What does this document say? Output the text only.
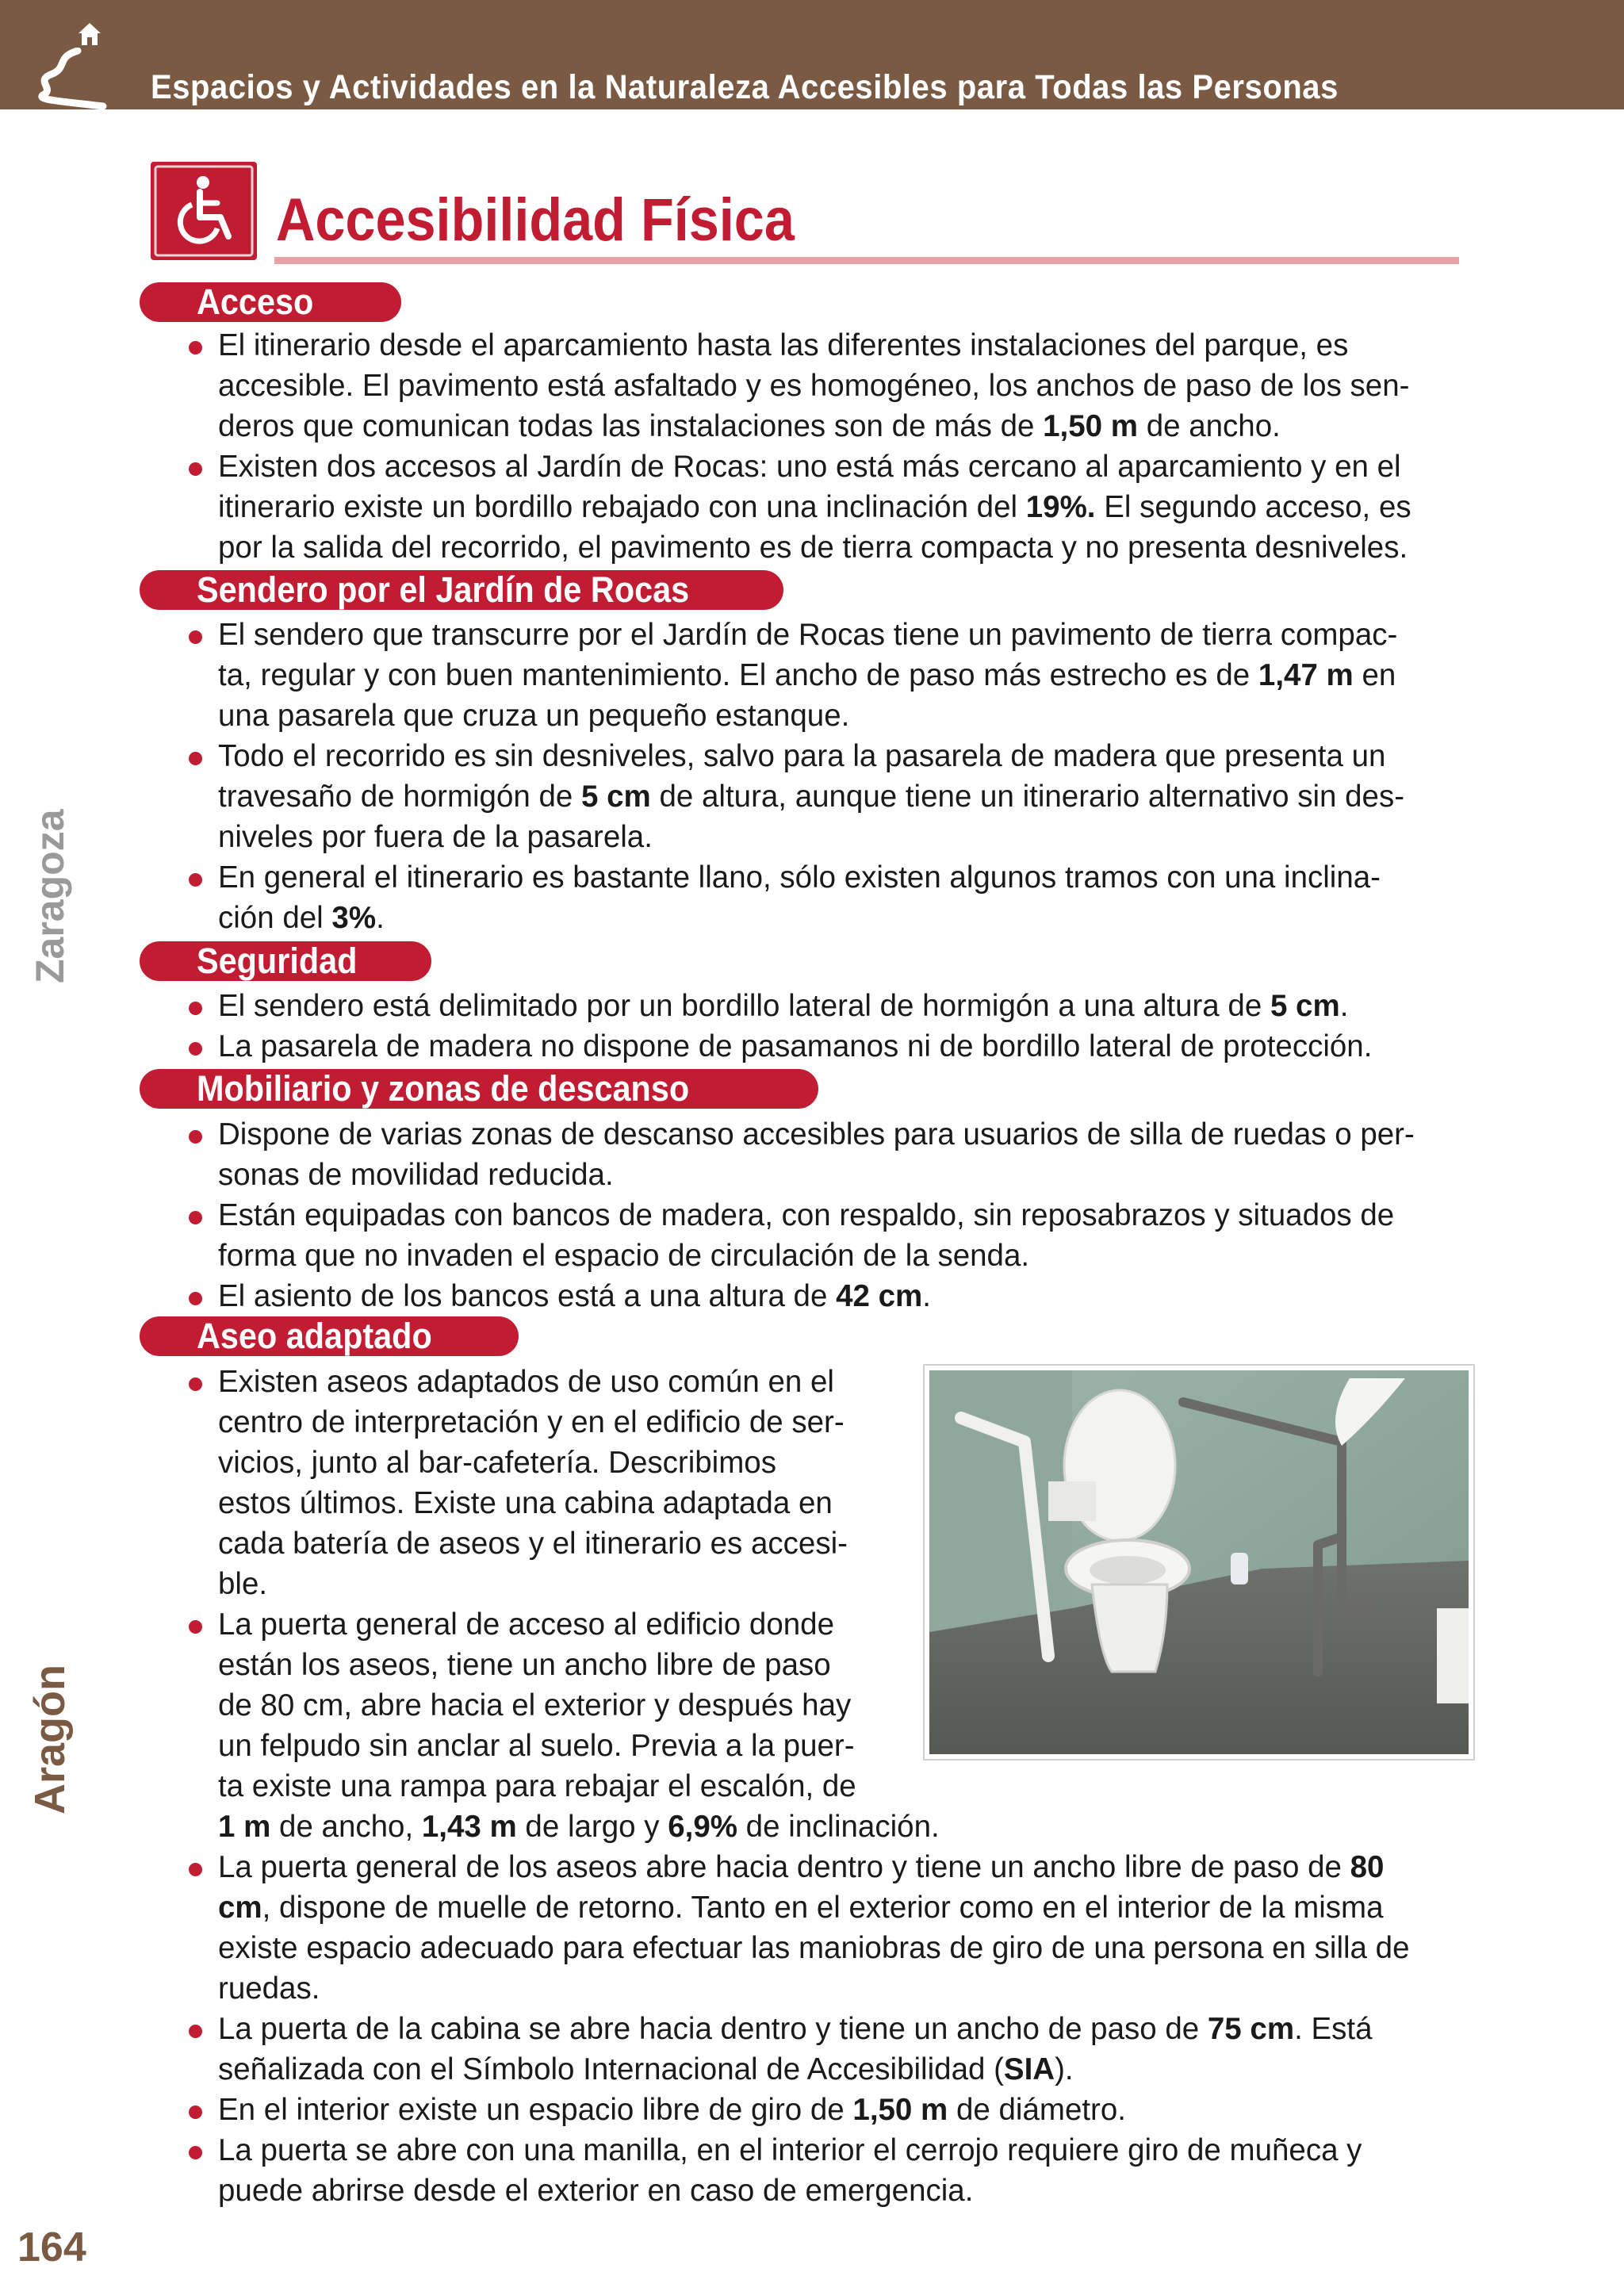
Espacios y Actividades en la Naturaleza Accesibles para Todas las Personas
Accesibilidad Física
Acceso
Sendero por el Jardín de Rocas
Seguridad
Mobiliario y zonas de descanso
Aseo adaptado
El itinerario desde el aparcamiento hasta las diferentes instalaciones del parque, es
accesible. El pavimento está asfaltado y es homogéneo, los anchos de paso de los sen-
deros que comunican todas las instalaciones son de más de 1,50 m de ancho.
Existen dos accesos al Jardín de Rocas: uno está más cercano al aparcamiento y en el
itinerario existe un bordillo rebajado con una inclinación del 19%. El segundo acceso, es
por la salida del recorrido, el pavimento es de tierra compacta y no presenta desniveles.
El sendero que transcurre por el Jardín de Rocas tiene un pavimento de tierra compac-
ta, regular y con buen mantenimiento. El ancho de paso más estrecho es de 1,47 m en
una pasarela que cruza un pequeño estanque.
Todo el recorrido es sin desniveles, salvo para la pasarela de madera que presenta un
travesaño de hormigón de 5 cm de altura, aunque tiene un itinerario alternativo sin des-
niveles por fuera de la pasarela.
En general el itinerario es bastante llano, sólo existen algunos tramos con una inclina-
ción del 3%.
El sendero está delimitado por un bordillo lateral de hormigón a una altura de 5 cm.
La pasarela de madera no dispone de pasamanos ni de bordillo lateral de protección.
Dispone de varias zonas de descanso accesibles para usuarios de silla de ruedas o per-
sonas de movilidad reducida.
Están equipadas con bancos de madera, con respaldo, sin reposabrazos y situados de
forma que no invaden el espacio de circulación de la senda.
El asiento de los bancos está a una altura de 42 cm.
Existen aseos adaptados de uso común en el
centro de interpretación y en el edificio de ser-
vicios, junto al bar-cafetería. Describimos
estos últimos. Existe una cabina adaptada en
cada batería de aseos y el itinerario es accesi-
ble.
La puerta general de acceso al edificio donde
están los aseos, tiene un ancho libre de paso
de 80 cm, abre hacia el exterior y después hay
un felpudo sin anclar al suelo. Previa a la puer-
ta existe una rampa para rebajar el escalón, de
1 m de ancho, 1,43 m de largo y 6,9% de inclinación.
La puerta general de los aseos abre hacia dentro y tiene un ancho libre de paso de 80
cm, dispone de muelle de retorno. Tanto en el exterior como en el interior de la misma
existe espacio adecuado para efectuar las maniobras de giro de una persona en silla de
ruedas.
La puerta de la cabina se abre hacia dentro y tiene un ancho de paso de 75 cm. Está
señalizada con el Símbolo Internacional de Accesibilidad (SIA).
En el interior existe un espacio libre de giro de 1,50 m de diámetro.
La puerta se abre con una manilla, en el interior el cerrojo requiere giro de muñeca y
puede abrirse desde el exterior en caso de emergencia.
Zaragoza
Aragón
164
